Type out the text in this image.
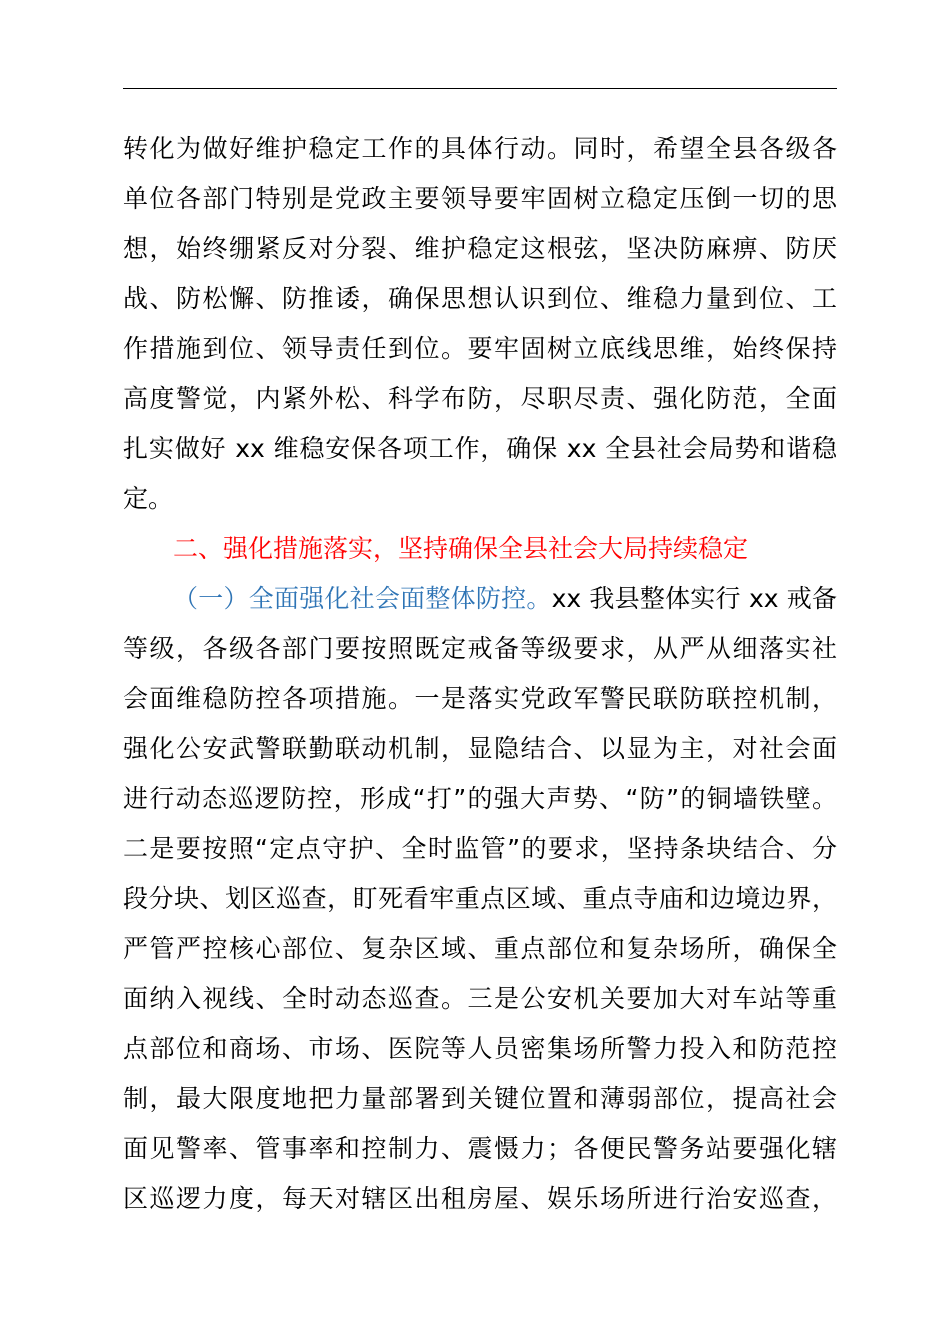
转化为做好维护稳定工作的具体行动。同时，希望全县各级各
单位各部门特别是党政主要领导要牢固树立稳定压倒一切的思
想，始终绷紧反对分裂、维护稳定这根弦，坚决防麻痹、防厌
战、防松懈、防推诿，确保思想认识到位、维稳力量到位、工
作措施到位、领导责任到位。要牢固树立底线思维，始终保持
高度警觉，内紧外松、科学布防，尽职尽责、强化防范，全面
扎实做好 xx 维稳安保各项工作，确保 xx 全县社会局势和谐稳
定。
二、强化措施落实，坚持确保全县社会大局持续稳定
（一）全面强化社会面整体防控。xx 我县整体实行 xx 戒备
等级，各级各部门要按照既定戒备等级要求，从严从细落实社
会面维稳防控各项措施。一是落实党政军警民联防联控机制，
强化公安武警联勤联动机制，显隐结合、以显为主，对社会面
进行动态巡逻防控，形成“打”的强大声势、“防”的铜墙铁壁。
二是要按照“定点守护、全时监管”的要求，坚持条块结合、分
段分块、划区巡查，盯死看牢重点区域、重点寺庙和边境边界，
严管严控核心部位、复杂区域、重点部位和复杂场所，确保全
面纳入视线、全时动态巡查。三是公安机关要加大对车站等重
点部位和商场、市场、医院等人员密集场所警力投入和防范控
制，最大限度地把力量部署到关键位置和薄弱部位，提高社会
面见警率、管事率和控制力、震慑力；各便民警务站要强化辖
区巡逻力度，每天对辖区出租房屋、娱乐场所进行治安巡查，
